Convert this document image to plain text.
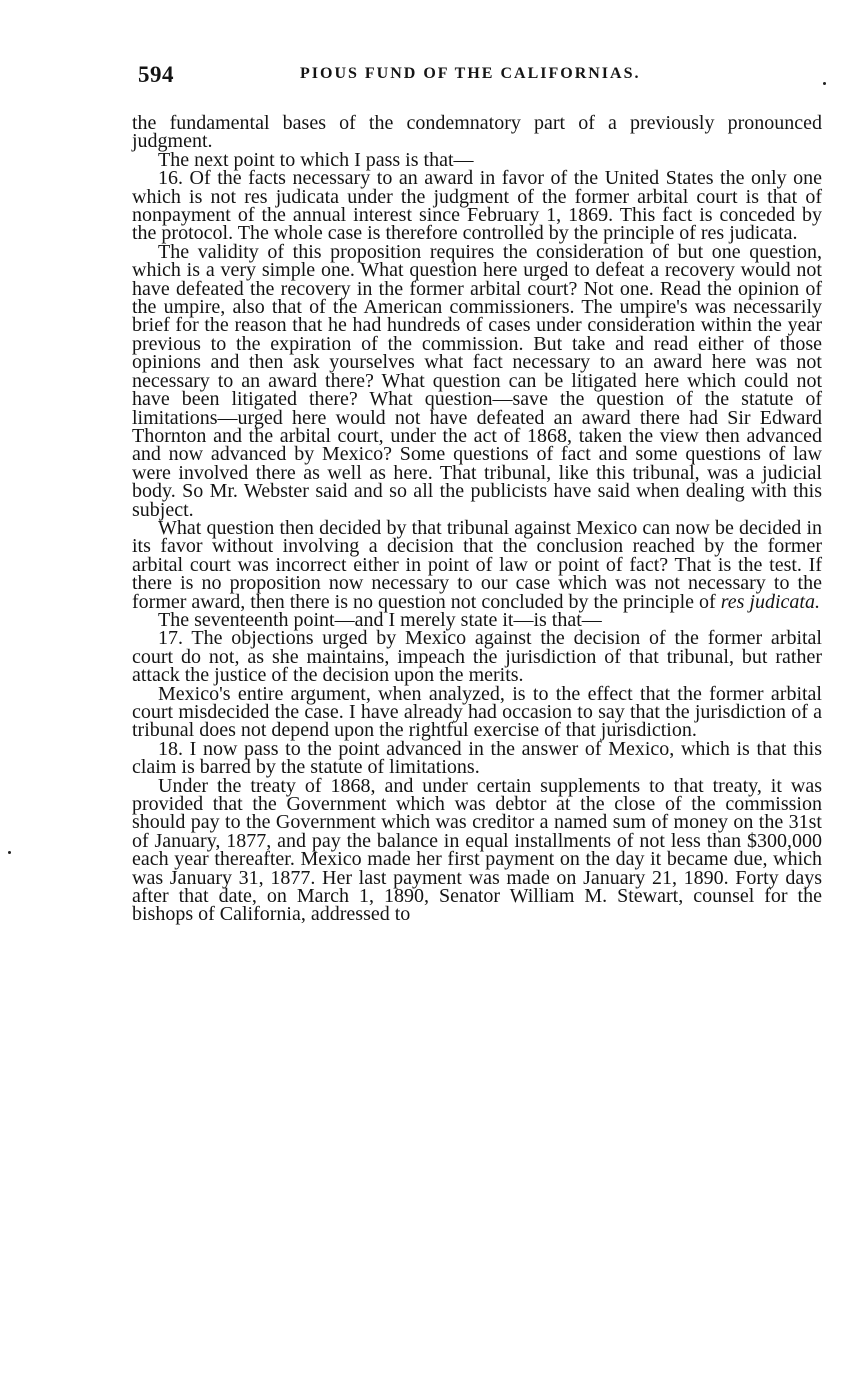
594	PIOUS FUND OF THE CALIFORNIAS.

the fundamental bases of the condemnatory part of a previously pronounced judgment.

The next point to which I pass is that—

16. Of the facts necessary to an award in favor of the United States the only one which is not res judicata under the judgment of the former arbital court is that of nonpayment of the annual interest since February 1, 1869. This fact is conceded by the protocol. The whole case is therefore controlled by the principle of res judicata.

The validity of this proposition requires the consideration of but one question, which is a very simple one. What question here urged to defeat a recovery would not have defeated the recovery in the former arbital court? Not one. Read the opinion of the umpire, also that of the American commissioners. The umpire's was necessarily brief for the reason that he had hundreds of cases under consideration within the year previous to the expiration of the commission. But take and read either of those opinions and then ask yourselves what fact necessary to an award here was not necessary to an award there? What question can be litigated here which could not have been litigated there? What question—save the question of the statute of limitations—urged here would not have defeated an award there had Sir Edward Thornton and the arbital court, under the act of 1868, taken the view then advanced and now advanced by Mexico? Some questions of fact and some questions of law were involved there as well as here. That tribunal, like this tribunal, was a judicial body. So Mr. Webster said and so all the publicists have said when dealing with this subject.

What question then decided by that tribunal against Mexico can now be decided in its favor without involving a decision that the conclusion reached by the former arbital court was incorrect either in point of law or point of fact? That is the test. If there is no proposition now necessary to our case which was not necessary to the former award, then there is no question not concluded by the principle of res judicata.

The seventeenth point—and I merely state it—is that—

17. The objections urged by Mexico against the decision of the former arbital court do not, as she maintains, impeach the jurisdiction of that tribunal, but rather attack the justice of the decision upon the merits.

Mexico's entire argument, when analyzed, is to the effect that the former arbital court misdecided the case. I have already had occasion to say that the jurisdiction of a tribunal does not depend upon the rightful exercise of that jurisdiction.

18. I now pass to the point advanced in the answer of Mexico, which is that this claim is barred by the statute of limitations.

Under the treaty of 1868, and under certain supplements to that treaty, it was provided that the Government which was debtor at the close of the commission should pay to the Government which was creditor a named sum of money on the 31st of January, 1877, and pay the balance in equal installments of not less than $300,000 each year thereafter. Mexico made her first payment on the day it became due, which was January 31, 1877. Her last payment was made on January 21, 1890. Forty days after that date, on March 1, 1890, Senator William M. Stewart, counsel for the bishops of California, addressed to
